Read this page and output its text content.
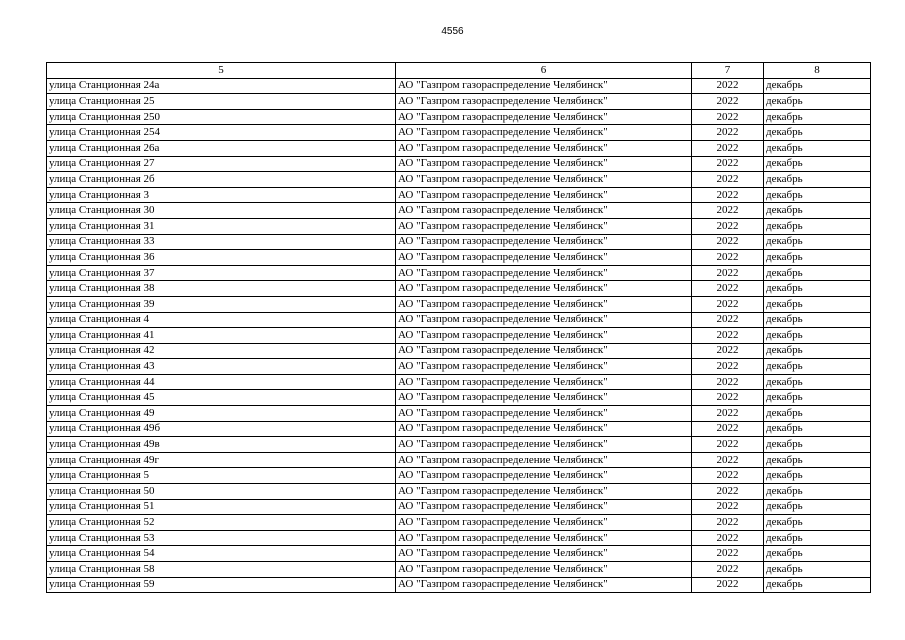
4556
5	6	7	8
улица Станционная 24а	АО "Газпром газораспределение Челябинск"	2022	декабрь
улица Станционная 25	АО "Газпром газораспределение Челябинск"	2022	декабрь
улица Станционная 250	АО "Газпром газораспределение Челябинск"	2022	декабрь
улица Станционная 254	АО "Газпром газораспределение Челябинск"	2022	декабрь
улица Станционная 26а	АО "Газпром газораспределение Челябинск"	2022	декабрь
улица Станционная 27	АО "Газпром газораспределение Челябинск"	2022	декабрь
улица Станционная 2б	АО "Газпром газораспределение Челябинск"	2022	декабрь
улица Станционная 3	АО "Газпром газораспределение Челябинск"	2022	декабрь
улица Станционная 30	АО "Газпром газораспределение Челябинск"	2022	декабрь
улица Станционная 31	АО "Газпром газораспределение Челябинск"	2022	декабрь
улица Станционная 33	АО "Газпром газораспределение Челябинск"	2022	декабрь
улица Станционная 36	АО "Газпром газораспределение Челябинск"	2022	декабрь
улица Станционная 37	АО "Газпром газораспределение Челябинск"	2022	декабрь
улица Станционная 38	АО "Газпром газораспределение Челябинск"	2022	декабрь
улица Станционная 39	АО "Газпром газораспределение Челябинск"	2022	декабрь
улица Станционная 4	АО "Газпром газораспределение Челябинск"	2022	декабрь
улица Станционная 41	АО "Газпром газораспределение Челябинск"	2022	декабрь
улица Станционная 42	АО "Газпром газораспределение Челябинск"	2022	декабрь
улица Станционная 43	АО "Газпром газораспределение Челябинск"	2022	декабрь
улица Станционная 44	АО "Газпром газораспределение Челябинск"	2022	декабрь
улица Станционная 45	АО "Газпром газораспределение Челябинск"	2022	декабрь
улица Станционная 49	АО "Газпром газораспределение Челябинск"	2022	декабрь
улица Станционная 49б	АО "Газпром газораспределение Челябинск"	2022	декабрь
улица Станционная 49в	АО "Газпром газораспределение Челябинск"	2022	декабрь
улица Станционная 49г	АО "Газпром газораспределение Челябинск"	2022	декабрь
улица Станционная 5	АО "Газпром газораспределение Челябинск"	2022	декабрь
улица Станционная 50	АО "Газпром газораспределение Челябинск"	2022	декабрь
улица Станционная 51	АО "Газпром газораспределение Челябинск"	2022	декабрь
улица Станционная 52	АО "Газпром газораспределение Челябинск"	2022	декабрь
улица Станционная 53	АО "Газпром газораспределение Челябинск"	2022	декабрь
улица Станционная 54	АО "Газпром газораспределение Челябинск"	2022	декабрь
улица Станционная 58	АО "Газпром газораспределение Челябинск"	2022	декабрь
улица Станционная 59	АО "Газпром газораспределение Челябинск"	2022	декабрь
